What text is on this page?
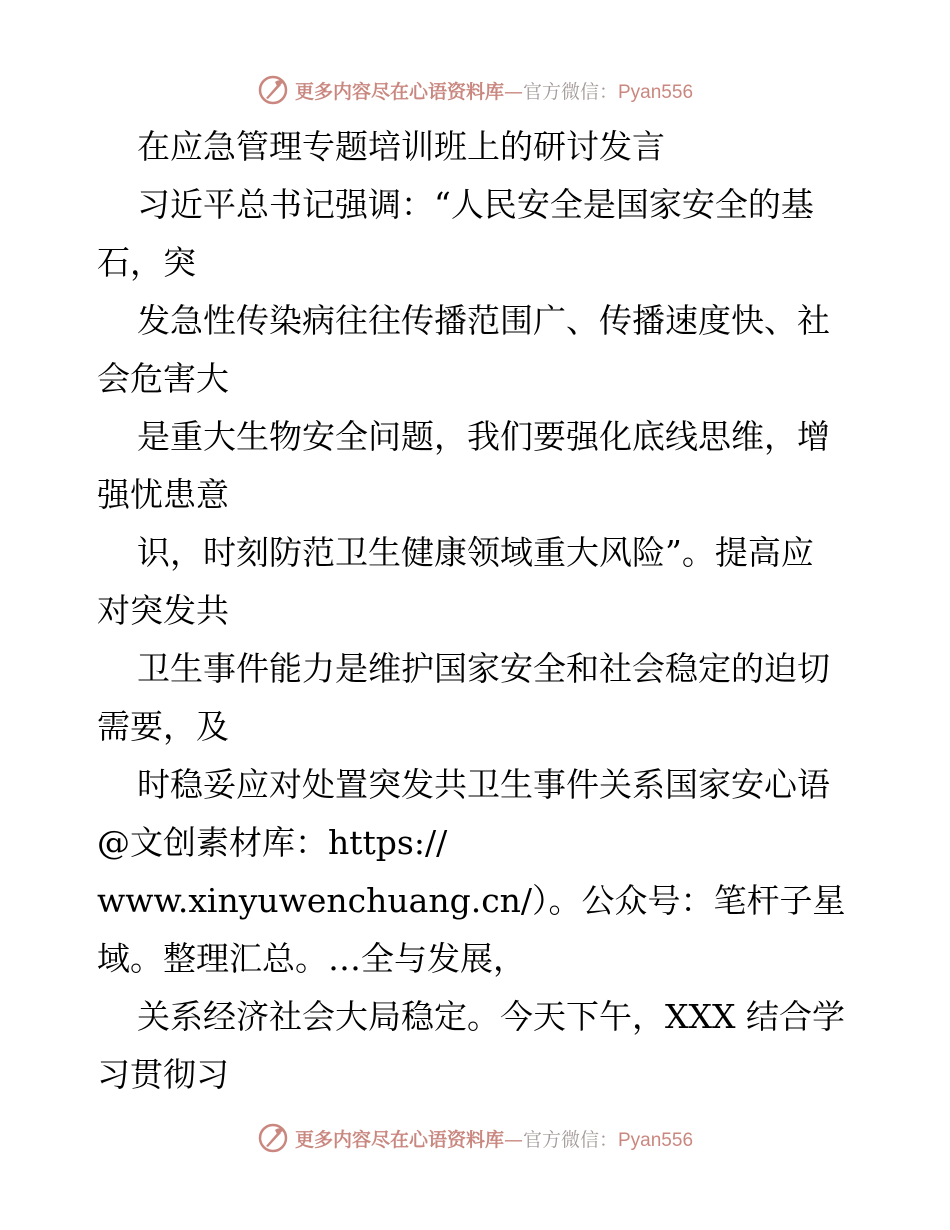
更多内容尽在心语资料库—官方微信：Pyan556
在应急管理专题培训班上的研讨发言
习近平总书记强调：“人民安全是国家安全的基
石，突
发急性传染病往往传播范围广、传播速度快、社
会危害大
是重大生物安全问题，我们要强化底线思维，增
强忧患意
识，时刻防范卫生健康领域重大风险”。提高应
对突发共
卫生事件能力是维护国家安全和社会稳定的迫切
需要，及
时稳妥应对处置突发共卫生事件关系国家安心语
@文创素材库：https://
www.xinyuwenchuang.cn/）。公众号：笔杆子星
域。整理汇总。…全与发展，
关系经济社会大局稳定。今天下午，XXX 结合学
习贯彻习
更多内容尽在心语资料库—官方微信：Pyan556
